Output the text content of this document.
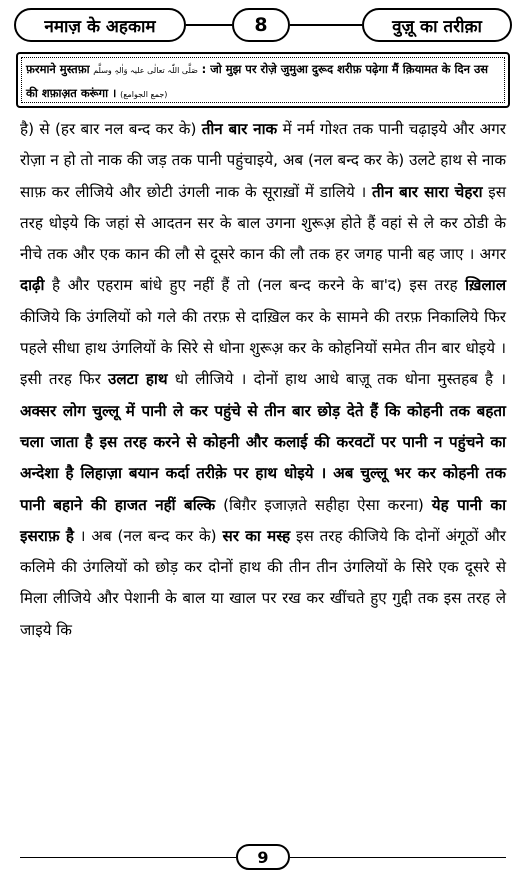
नमाज़ के अहकाम	8	वुज़ू का तरीक़ा
फ़रमाने मुस्तफ़ा صَلَّی اللّٰہ تعالٰی علیہ وَاٰلہٖ وسلَّم : जो मुझ पर रोज़े जुमुआ दुरूद शरीफ़ पढ़ेगा मैं क़ियामत के दिन उस की शफ़ाअ़त करूंगा । (جمع الجوامع)
है) से (हर बार नल बन्द कर के) तीन बार नाक में नर्म गोश्त तक पानी चढ़ाइये और अगर रोज़ा न हो तो नाक की जड़ तक पानी पहुंचाइये, अब (नल बन्द कर के) उलटे हाथ से नाक साफ़ कर लीजिये और छोटी उंगली नाक के सूराख़ों में डालिये । तीन बार सारा चेहरा इस तरह धोइये कि जहां से आदतन सर के बाल उगना शुरूअ़ होते हैं वहां से ले कर ठोडी के नीचे तक और एक कान की लौ से दूसरे कान की लौ तक हर जगह पानी बह जाए । अगर दाढ़ी है और एहराम बांधे हुए नहीं हैं तो (नल बन्द करने के बा'द) इस तरह ख़िलाल कीजिये कि उंगलियों को गले की तरफ़ से दाख़िल कर के सामने की तरफ़ निकालिये फिर पहले सीधा हाथ उंगलियों के सिरे से धोना शुरूअ़ कर के कोहनियों समेत तीन बार धोइये । इसी तरह फिर उलटा हाथ धो लीजिये । दोनों हाथ आधे बाज़ू तक धोना मुस्तहब है । अक्सर लोग चुल्लू में पानी ले कर पहुंचे से तीन बार छोड़ देते हैं कि कोहनी तक बहता चला जाता है इस तरह करने से कोहनी और कलाई की करवटों पर पानी न पहुंचने का अन्देशा है लिहाज़ा बयान कर्दा तरीक़े पर हाथ धोइये । अब चुल्लू भर कर कोहनी तक पानी बहाने की हाजत नहीं बल्कि (बिग़ैर इजाज़ते सहीहा ऐसा करना) येह पानी का इसराफ़ है । अब (नल बन्द कर के) सर का मस्ह इस तरह कीजिये कि दोनों अंगूठों और कलिमे की उंगलियों को छोड़ कर दोनों हाथ की तीन तीन उंगलियों के सिरे एक दूसरे से मिला लीजिये और पेशानी के बाल या खाल पर रख कर खींचते हुए गुद्दी तक इस तरह ले जाइये कि
9
